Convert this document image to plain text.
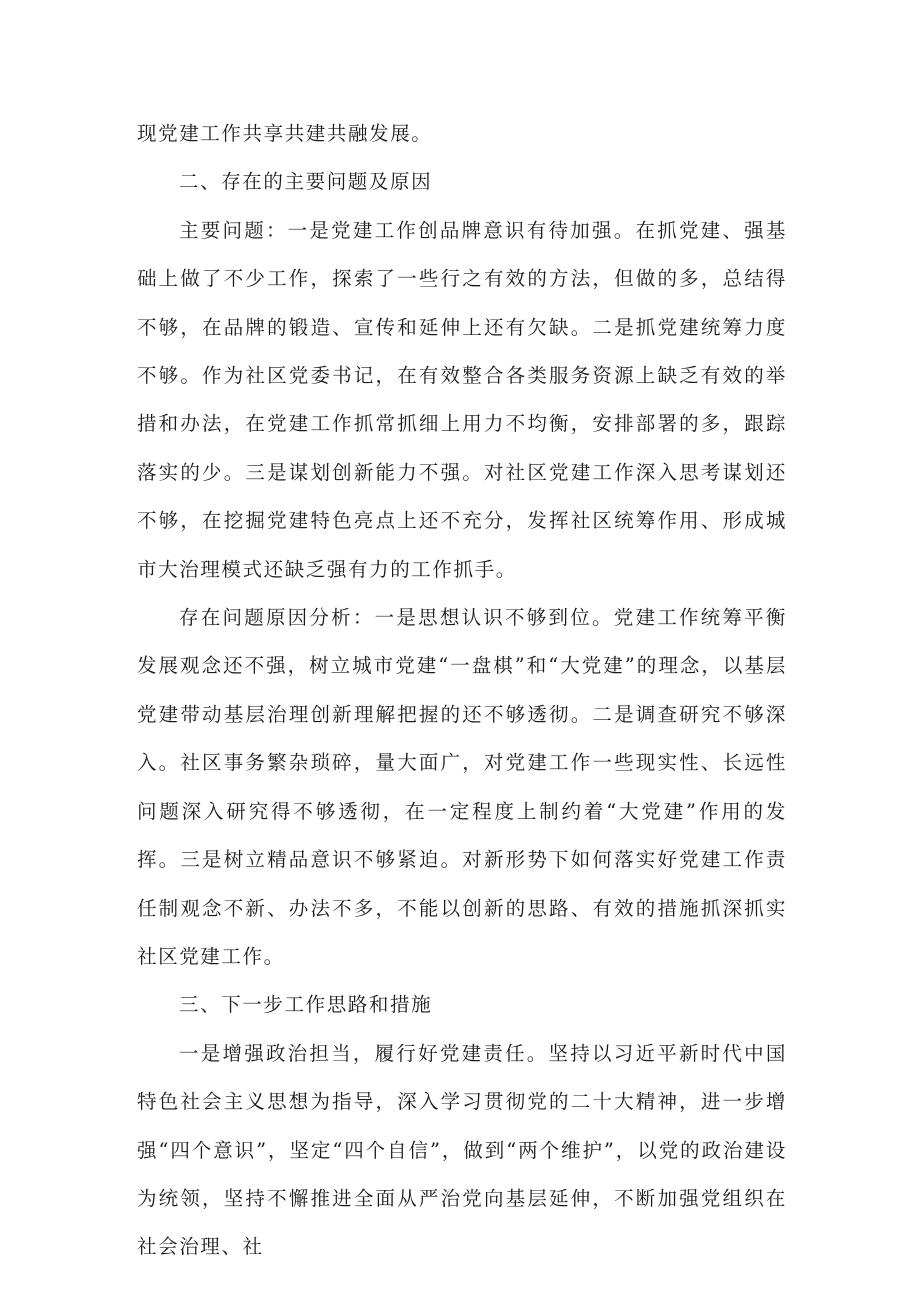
现党建工作共享共建共融发展。

二、存在的主要问题及原因

主要问题：一是党建工作创品牌意识有待加强。在抓党建、强基础上做了不少工作，探索了一些行之有效的方法，但做的多，总结得不够，在品牌的锻造、宣传和延伸上还有欠缺。二是抓党建统筹力度不够。作为社区党委书记，在有效整合各类服务资源上缺乏有效的举措和办法，在党建工作抓常抓细上用力不均衡，安排部署的多，跟踪落实的少。三是谋划创新能力不强。对社区党建工作深入思考谋划还不够，在挖掘党建特色亮点上还不充分，发挥社区统筹作用、形成城市大治理模式还缺乏强有力的工作抓手。

存在问题原因分析：一是思想认识不够到位。党建工作统筹平衡发展观念还不强，树立城市党建“一盘棋”和“大党建”的理念，以基层党建带动基层治理创新理解把握的还不够透彻。二是调查研究不够深入。社区事务繁杂琐碎，量大面广，对党建工作一些现实性、长远性问题深入研究得不够透彻，在一定程度上制约着“大党建”作用的发挥。三是树立精品意识不够紧迫。对新形势下如何落实好党建工作责任制观念不新、办法不多，不能以创新的思路、有效的措施抓深抓实社区党建工作。

三、下一步工作思路和措施

一是增强政治担当，履行好党建责任。坚持以习近平新时代中国特色社会主义思想为指导，深入学习贯彻党的二十大精神，进一步增强“四个意识”，坚定“四个自信”，做到“两个维护”，以党的政治建设为统领，坚持不懈推进全面从严治党向基层延伸，不断加强党组织在社会治理、社
